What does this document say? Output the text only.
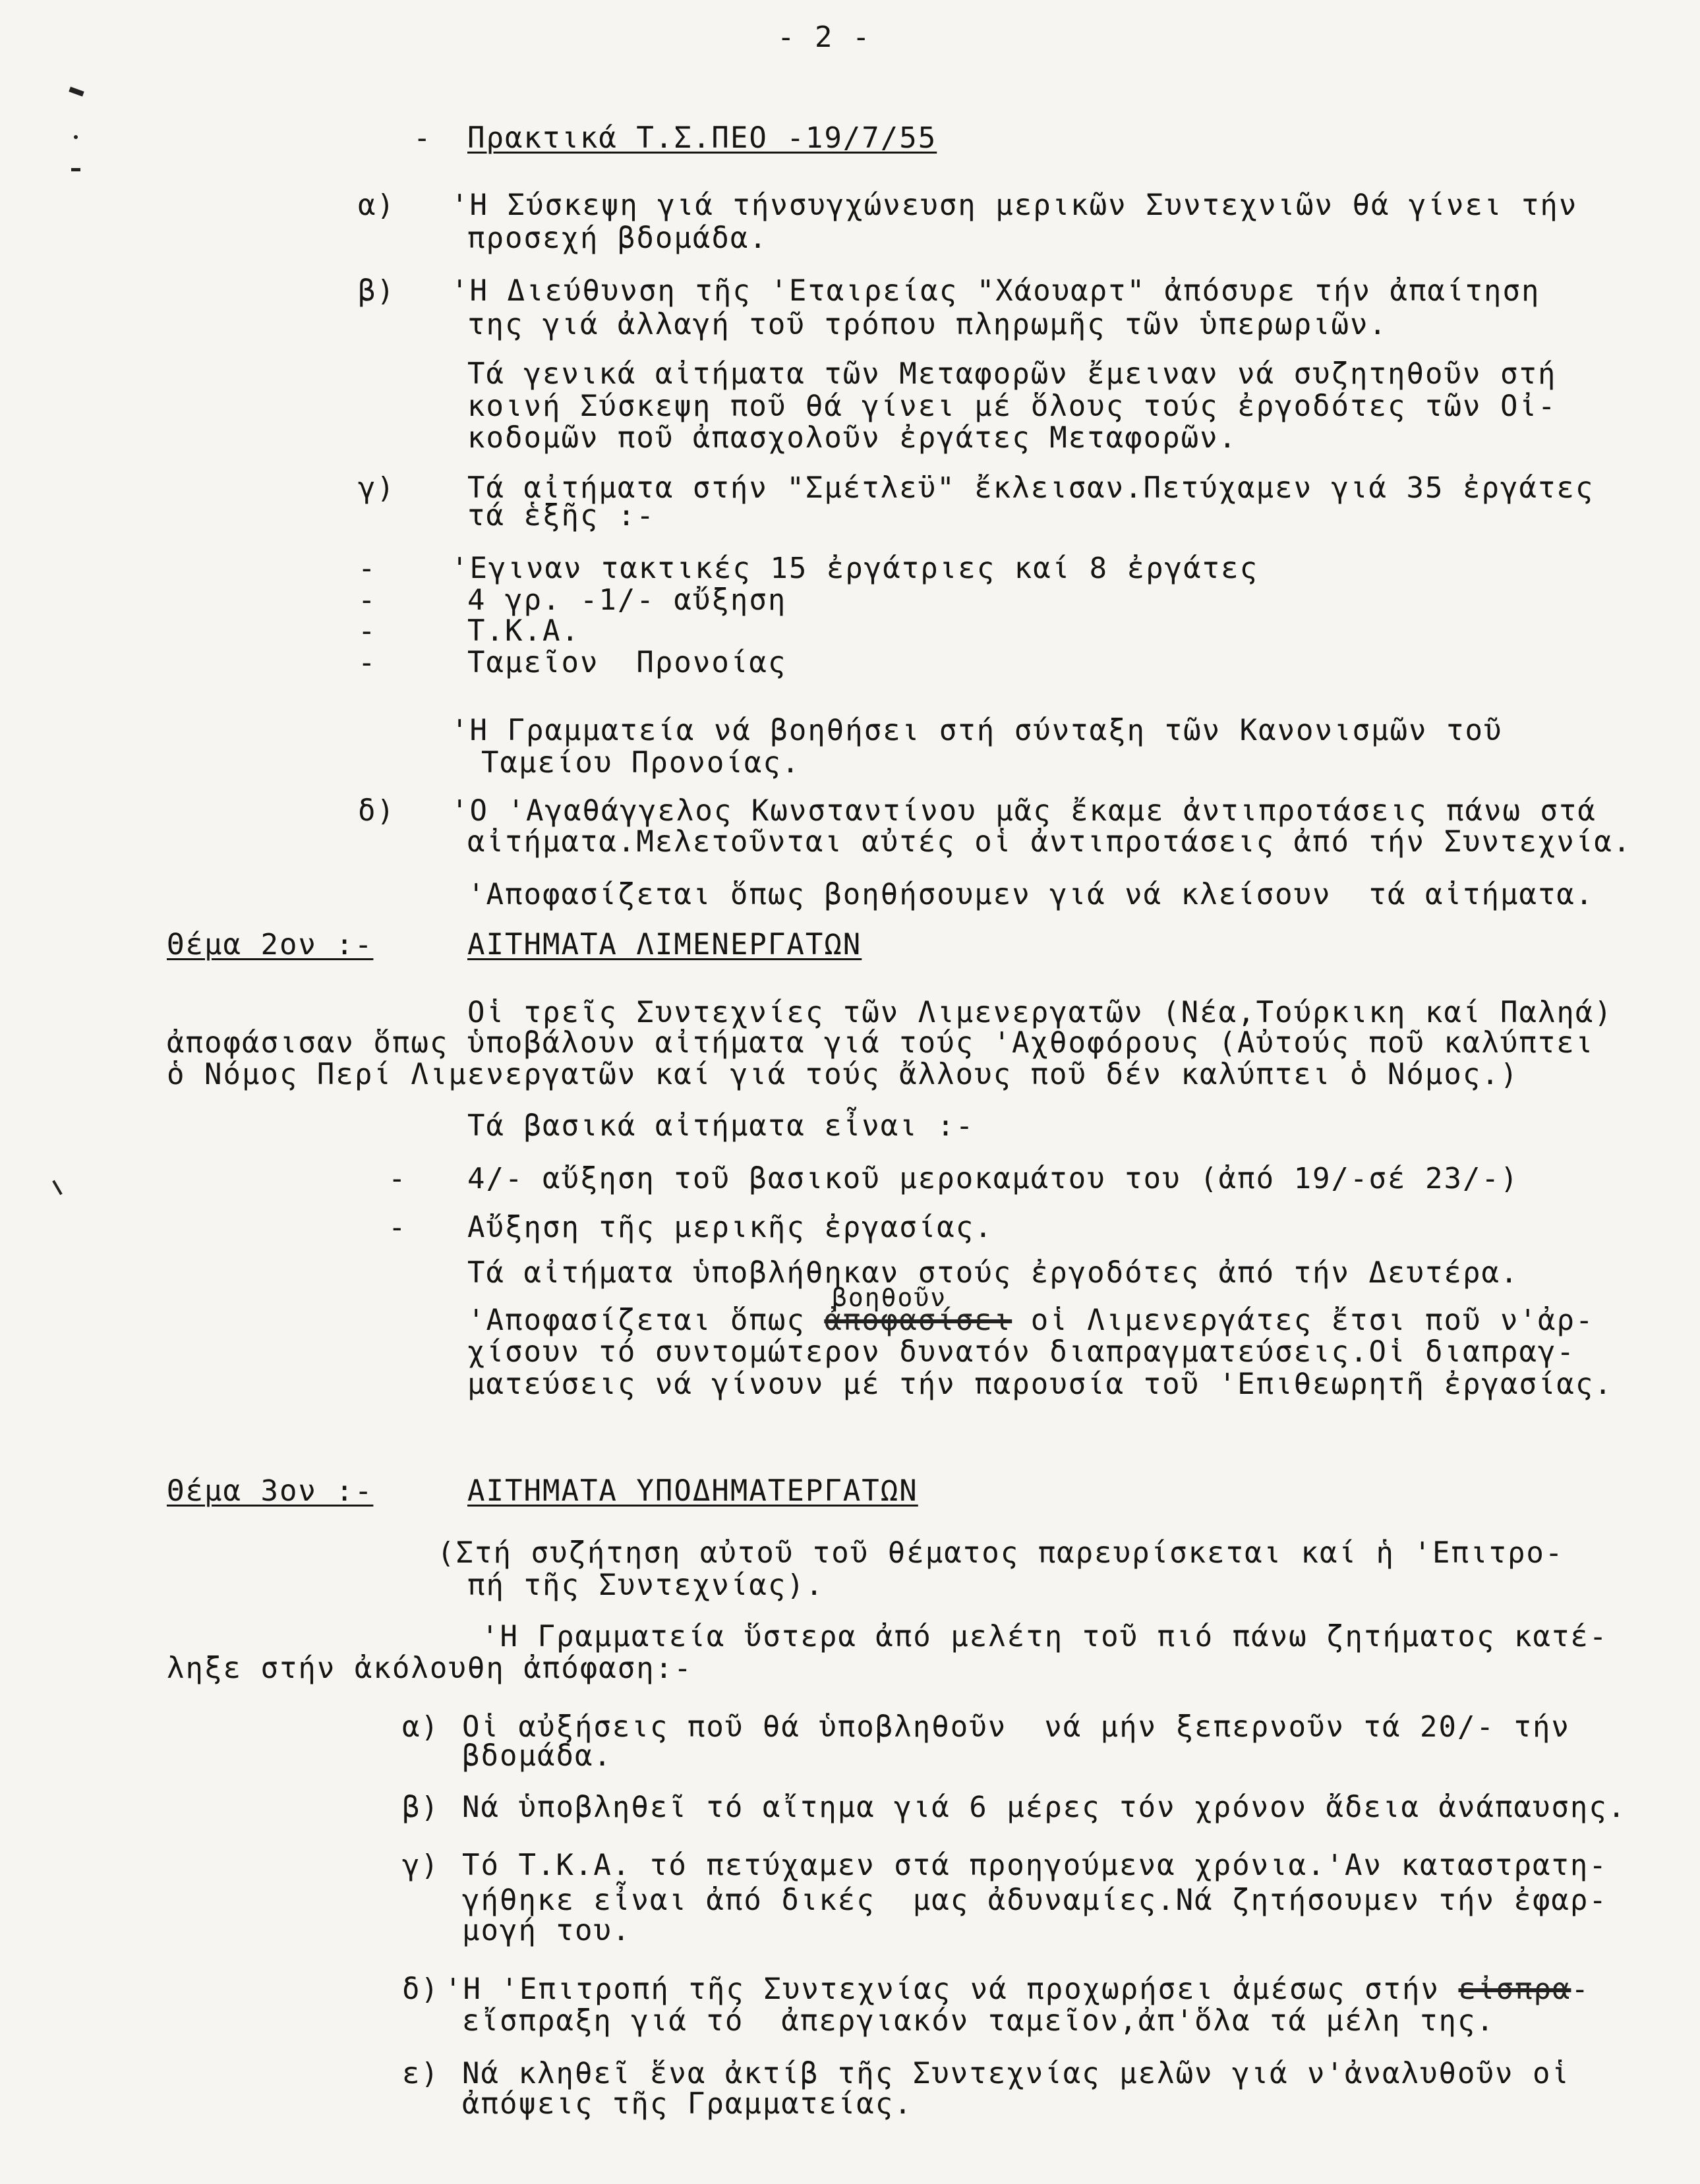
- 2 -
- Πρακτικά Τ.Σ.ΠΕΟ -19/7/55
α) 'Η Σύσκεψη γιά τήνσυγχώνευση μερικῶν Συντεχνιῶν θά γίνει τήν
προσεχή βδομάδα.
β) 'Η Διεύθυνση τῆς 'Εταιρείας "Χάουαρτ" ἀπόσυρε τήν ἀπαίτηση
της γιά ἀλλαγή τοῦ τρόπου πληρωμῆς τῶν ὑπερωριῶν.
Τά γενικά αἰτήματα τῶν Μεταφορῶν ἔμειναν νά συζητηθοῦν στή
κοινή Σύσκεψη ποῦ θά γίνει μέ ὅλους τούς ἐργοδότες τῶν Οἰ-
κοδομῶν ποῦ ἀπασχολοῦν ἐργάτες Μεταφορῶν.
γ) Τά αἰτήματα στήν "Σμέτλεϋ" ἔκλεισαν.Πετύχαμεν γιά 35 ἐργάτες
τά ἑξῆς :-
-	'Εγιναν τακτικές 15 ἐργάτριες καί 8 ἐργάτες
-	4 γρ. -1/- αὔξηση
-	Τ.Κ.Α.
-	Ταμεῖον  Προνοίας
'Η Γραμματεία νά βοηθήσει στή σύνταξη τῶν Κανονισμῶν τοῦ
Ταμείου Προνοίας.
δ) 'Ο 'Αγαθάγγελος Κωνσταντίνου μᾶς ἔκαμε ἀντιπροτάσεις πάνω στά
αἰτήματα.Μελετοῦνται αὐτές οἱ ἀντιπροτάσεις ἀπό τήν Συντεχνία.
'Αποφασίζεται ὅπως βοηθήσουμεν γιά νά κλείσουν  τά αἰτήματα.
Θέμα 2ον :-	ΑΙΤΗΜΑΤΑ ΛΙΜΕΝΕΡΓΑΤΩΝ
Οἱ τρεῖς Συντεχνίες τῶν Λιμενεργατῶν (Νέα,Τούρκικη καί Παληά)
ἀποφάσισαν ὅπως ὑποβάλουν αἰτήματα γιά τούς 'Αχθοφόρους (Αὐτούς ποῦ καλύπτει
ὁ Νόμος Περί Λιμενεργατῶν καί γιά τούς ἄλλους ποῦ δέν καλύπτει ὁ Νόμος.)
Τά βασικά αἰτήματα εἶναι :-
- 4/- αὔξηση τοῦ βασικοῦ μεροκαμάτου του (ἀπό 19/-σέ 23/-)
- Αὔξηση τῆς μερικῆς ἐργασίας.
Τά αἰτήματα ὑποβλήθηκαν στούς ἐργοδότες ἀπό τήν Δευτέρα.
βοηθοῦν
'Αποφασίζεται ὅπως ἀποφασίσει οἱ Λιμενεργάτες ἔτσι ποῦ ν'ἀρ-
χίσουν τό συντομώτερον δυνατόν διαπραγματεύσεις.Οἱ διαπραγ-
ματεύσεις νά γίνουν μέ τήν παρουσία τοῦ 'Επιθεωρητῆ ἐργασίας.
Θέμα 3ον :-	ΑΙΤΗΜΑΤΑ ΥΠΟΔΗΜΑΤΕΡΓΑΤΩΝ
(Στή συζήτηση αὐτοῦ τοῦ θέματος παρευρίσκεται καί ἡ 'Επιτρο-
πή τῆς Συντεχνίας).
'Η Γραμματεία ὕστερα ἀπό μελέτη τοῦ πιό πάνω ζητήματος κατέ-
ληξε στήν ἀκόλουθη ἀπόφαση:-
α) Οἱ αὐξήσεις ποῦ θά ὑποβληθοῦν  νά μήν ξεπερνοῦν τά 20/- τήν
βδομάδα.
β) Νά ὑποβληθεῖ τό αἴτημα γιά 6 μέρες τόν χρόνον ἄδεια ἀνάπαυσης.
γ) Τό Τ.Κ.Α. τό πετύχαμεν στά προηγούμενα χρόνια.'Αν καταστρατη-
γήθηκε εἶναι ἀπό δικές  μας ἀδυναμίες.Νά ζητήσουμεν τήν ἐφαρ-
μογή του.
δ) 'Η 'Επιτροπή τῆς Συντεχνίας νά προχωρήσει ἀμέσως στήν εἰσπρα-
εἴσπραξη γιά τό  ἀπεργιακόν ταμεῖον,ἀπ'ὅλα τά μέλη της.
ε) Νά κληθεῖ ἕνα ἀκτίβ τῆς Συντεχνίας μελῶν γιά ν'ἀναλυθοῦν οἱ
ἀπόψεις τῆς Γραμματείας.
